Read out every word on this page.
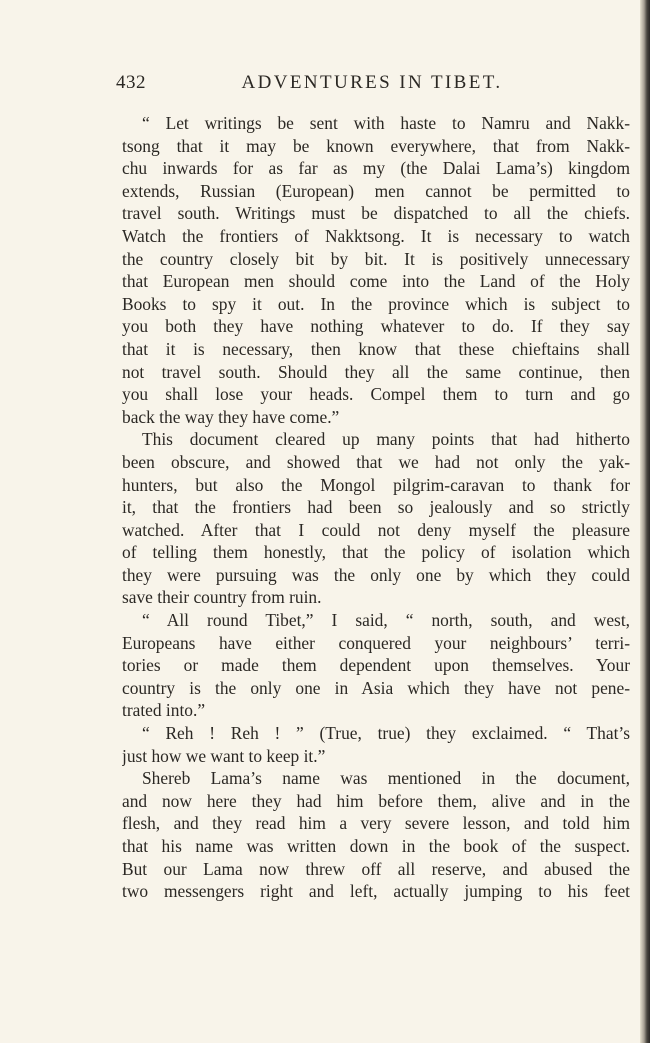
432	ADVENTURES IN TIBET.
“ Let writings be sent with haste to Namru and Nakk-
tsong that it may be known everywhere, that from Nakk-
chu inwards for as far as my (the Dalai Lama’s) kingdom
extends, Russian (European) men cannot be permitted to
travel south. Writings must be dispatched to all the chiefs.
Watch the frontiers of Nakktsong. It is necessary to watch
the country closely bit by bit. It is positively unnecessary
that European men should come into the Land of the Holy
Books to spy it out. In the province which is subject to
you both they have nothing whatever to do. If they say
that it is necessary, then know that these chieftains shall
not travel south. Should they all the same continue, then
you shall lose your heads. Compel them to turn and go
back the way they have come.”
This document cleared up many points that had hitherto
been obscure, and showed that we had not only the yak-
hunters, but also the Mongol pilgrim-caravan to thank for
it, that the frontiers had been so jealously and so strictly
watched. After that I could not deny myself the pleasure
of telling them honestly, that the policy of isolation which
they were pursuing was the only one by which they could
save their country from ruin.
“ All round Tibet,” I said, “ north, south, and west,
Europeans have either conquered your neighbours’ terri-
tories or made them dependent upon themselves. Your
country is the only one in Asia which they have not pene-
trated into.”
“ Reh ! Reh ! ” (True, true) they exclaimed. “ That’s
just how we want to keep it.”
Shereb Lama’s name was mentioned in the document,
and now here they had him before them, alive and in the
flesh, and they read him a very severe lesson, and told him
that his name was written down in the book of the suspect.
But our Lama now threw off all reserve, and abused the
two messengers right and left, actually jumping to his feet
